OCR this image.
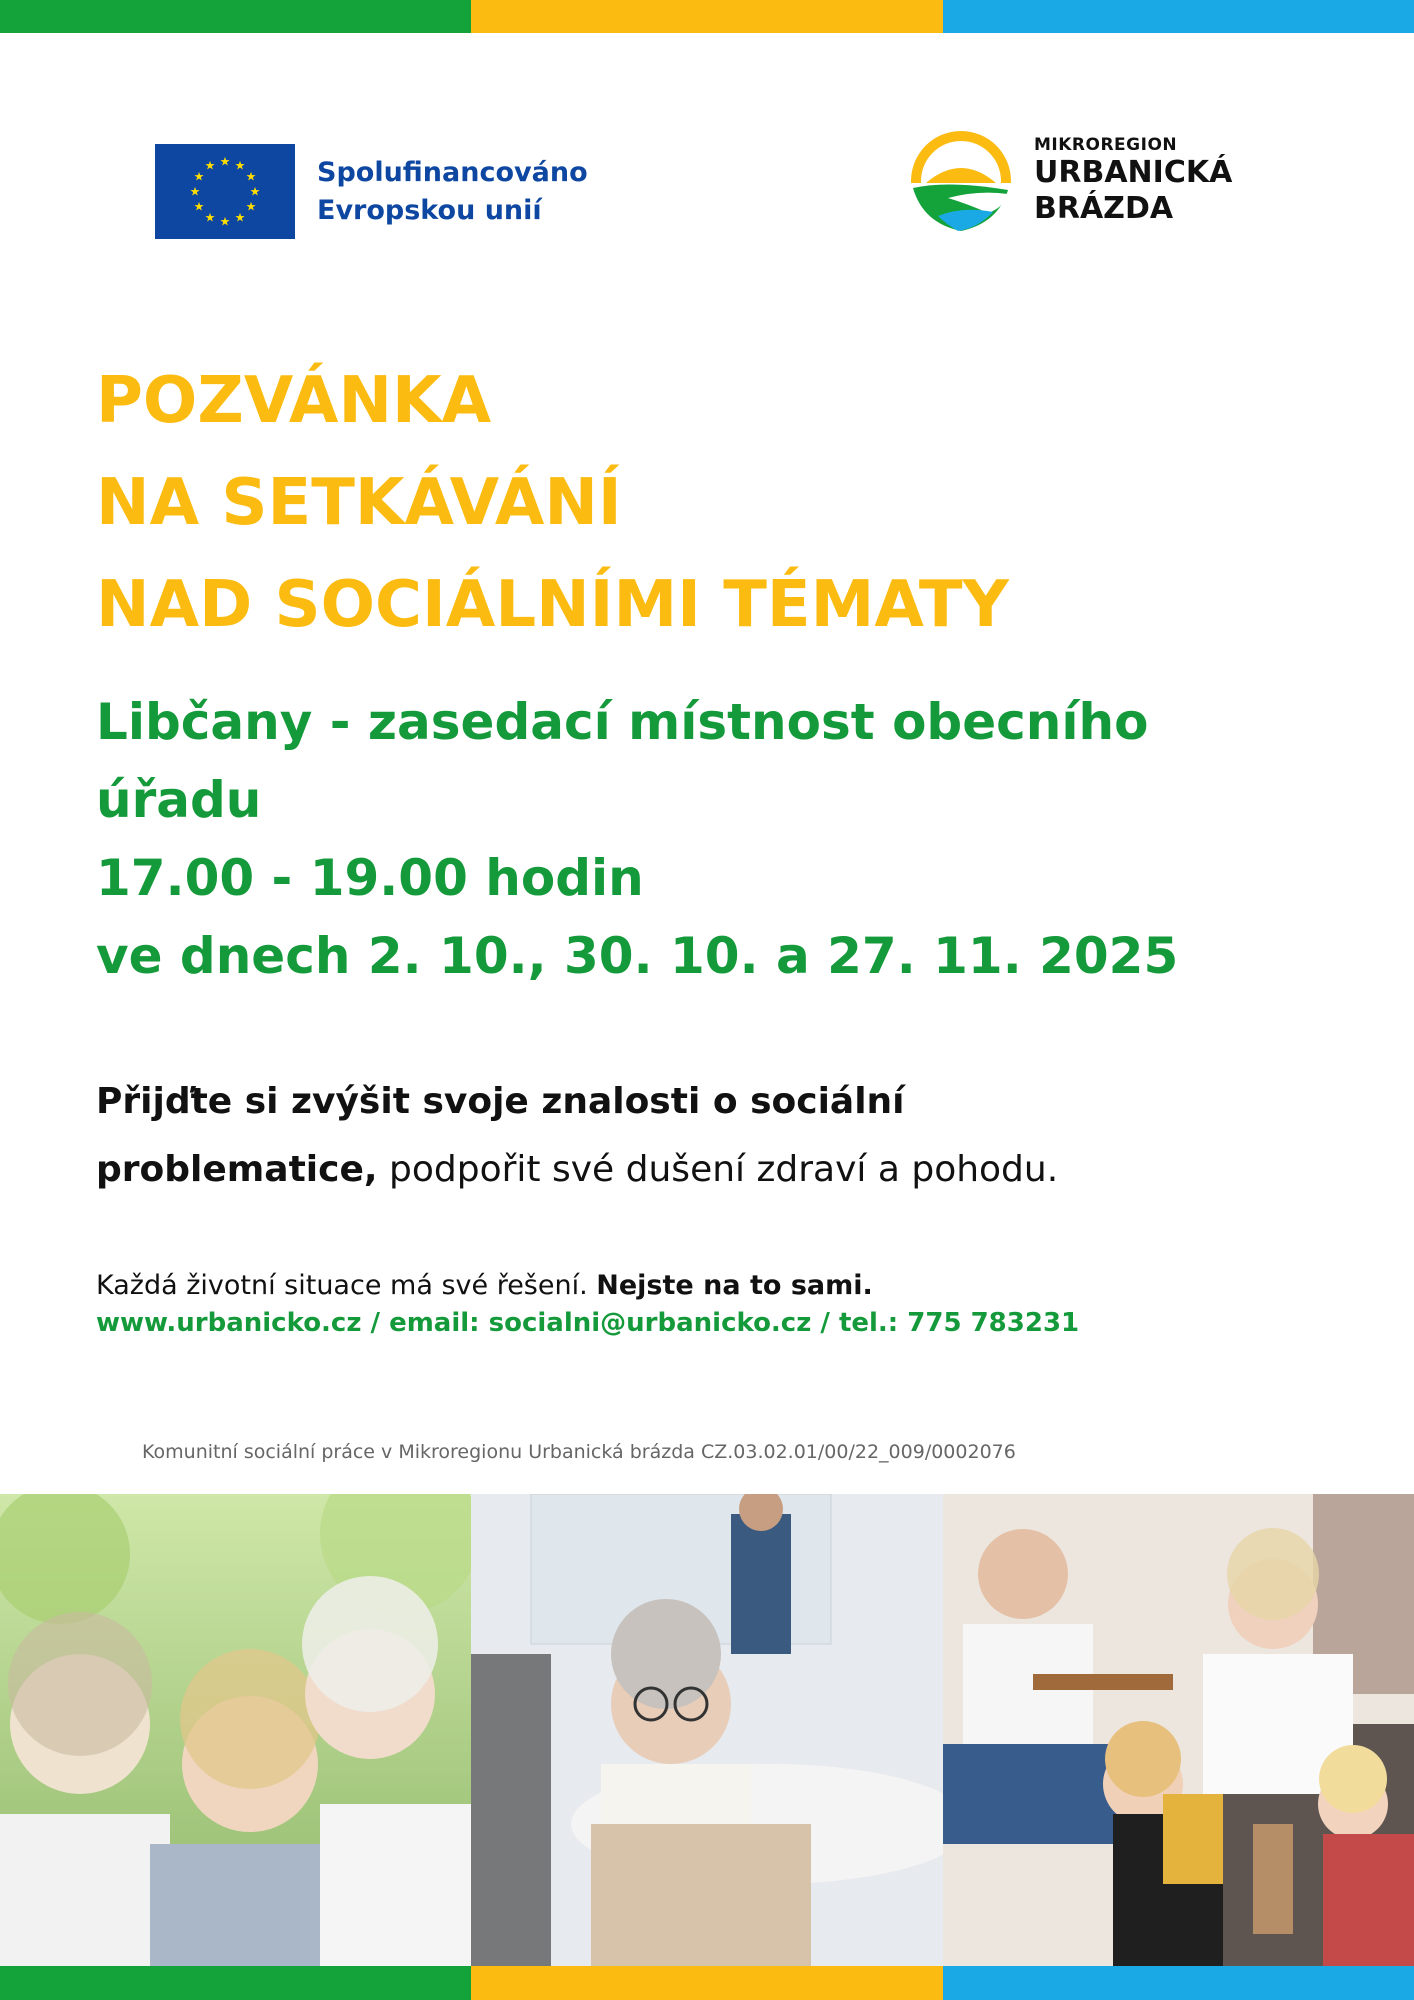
★ ★
★
★
★
★
★
★
★
★
★
★	Spolufinancováno
Evropskou unií
MIKROREGION
URBANICKÁ
BRÁZDA
POZVÁNKA
NA SETKÁVÁNÍ
NAD SOCIÁLNÍMI TÉMATY
Libčany - zasedací místnost obecního
úřadu
17.00 - 19.00 hodin
ve dnech 2. 10., 30. 10. a 27. 11. 2025
Přijďte si zvýšit svoje znalosti o sociální
problematice, podpořit své dušení zdraví a pohodu.
Každá životní situace má své řešení. Nejste na to sami.
www.urbanicko.cz / email: socialni@urbanicko.cz / tel.: 775 783231
Komunitní sociální práce v Mikroregionu Urbanická brázda CZ.03.02.01/00/22_009/0002076
